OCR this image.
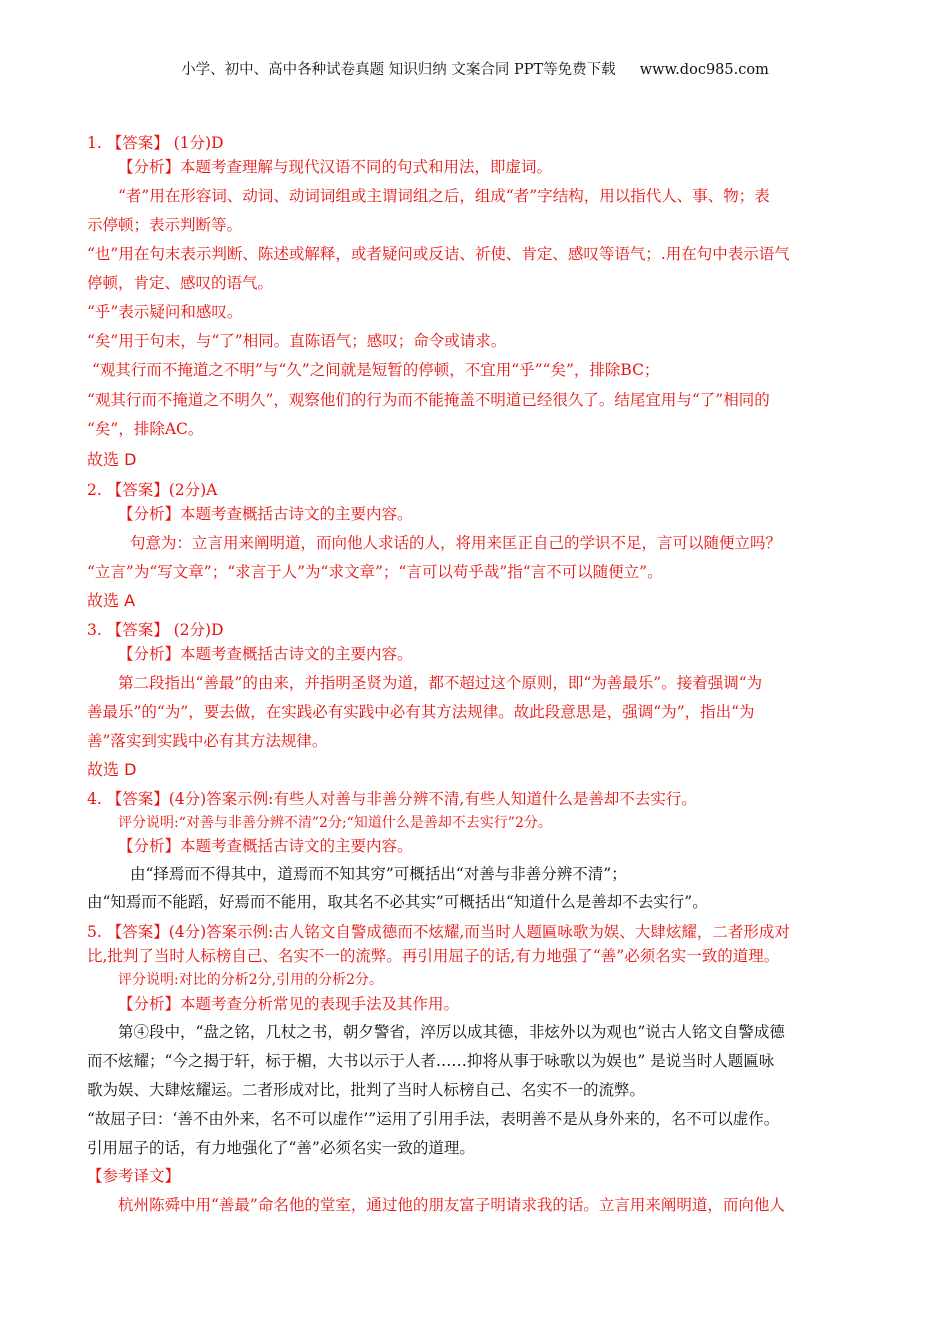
小学、初中、高中各种试卷真题 知识归纳 文案合同 PPT等免费下载 www.doc985.com
1. 【答案】 (1分)D
【分析】本题考查理解与现代汉语不同的句式和用法，即虚词。
“者”用在形容词、动词、动词词组或主谓词组之后，组成“者”字结构，用以指代人、事、物；表
示停顿；表示判断等。
“也”用在句末表示判断、陈述或解释，或者疑问或反诘、祈使、肯定、感叹等语气；.用在句中表示语气
停顿，肯定、感叹的语气。
“乎”表示疑问和感叹。
“矣”用于句末，与“了”相同。直陈语气；感叹；命令或请求。
“观其行而不掩道之不明”与“久”之间就是短暂的停顿，不宜用“乎”“矣”，排除BC；
“观其行而不掩道之不明久”，观察他们的行为而不能掩盖不明道已经很久了。结尾宜用与“了”相同的
“矣”，排除AC。
故选 D
2. 【答案】(2分)A
【分析】本题考查概括古诗文的主要内容。
句意为：立言用来阐明道，而向他人求话的人，将用来匡正自己的学识不足，言可以随便立吗？
“立言”为“写文章”；“求言于人”为“求文章”；“言可以苟乎哉”指“言不可以随便立”。
故选 A
3. 【答案】 (2分)D
【分析】本题考查概括古诗文的主要内容。
第二段指出“善最”的由来，并指明圣贤为道，都不超过这个原则，即“为善最乐”。接着强调“为
善最乐”的“为”，要去做，在实践必有实践中必有其方法规律。故此段意思是，强调“为”，指出“为
善”落实到实践中必有其方法规律。
故选 D
4. 【答案】(4分)答案示例:有些人对善与非善分辨不清,有些人知道什么是善却不去实行。
评分说明:“对善与非善分辨不清”2分;“知道什么是善却不去实行”2分。
【分析】本题考查概括古诗文的主要内容。
由“择焉而不得其中，道焉而不知其穷”可概括出“对善与非善分辨不清”；
由“知焉而不能蹈，好焉而不能用，取其名不必其实”可概括出“知道什么是善却不去实行”。
5. 【答案】(4分)答案示例:古人铭文自警成德而不炫耀,而当时人题匾咏歌为娱、大肆炫耀，二者形成对
比,批判了当时人标榜自己、名实不一的流弊。再引用屈子的话,有力地强了“善”必须名实一致的道理。
评分说明:对比的分析2分,引用的分析2分。
【分析】本题考查分析常见的表现手法及其作用。
第④段中，“盘之铭，几杖之书，朝夕警省，淬厉以成其德，非炫外以为观也”说古人铭文自警成德
而不炫耀；“今之揭于轩，标于楣，大书以示于人者……抑将从事于咏歌以为娱也” 是说当时人题匾咏
歌为娱、大肆炫耀运。二者形成对比，批判了当时人标榜自己、名实不一的流弊。
“故屈子曰：‘善不由外来，名不可以虚作’”运用了引用手法，表明善不是从身外来的，名不可以虚作。
引用屈子的话，有力地强化了“善”必须名实一致的道理。
【参考译文】
杭州陈舜中用“善最”命名他的堂室，通过他的朋友富子明请求我的话。立言用来阐明道，而向他人
